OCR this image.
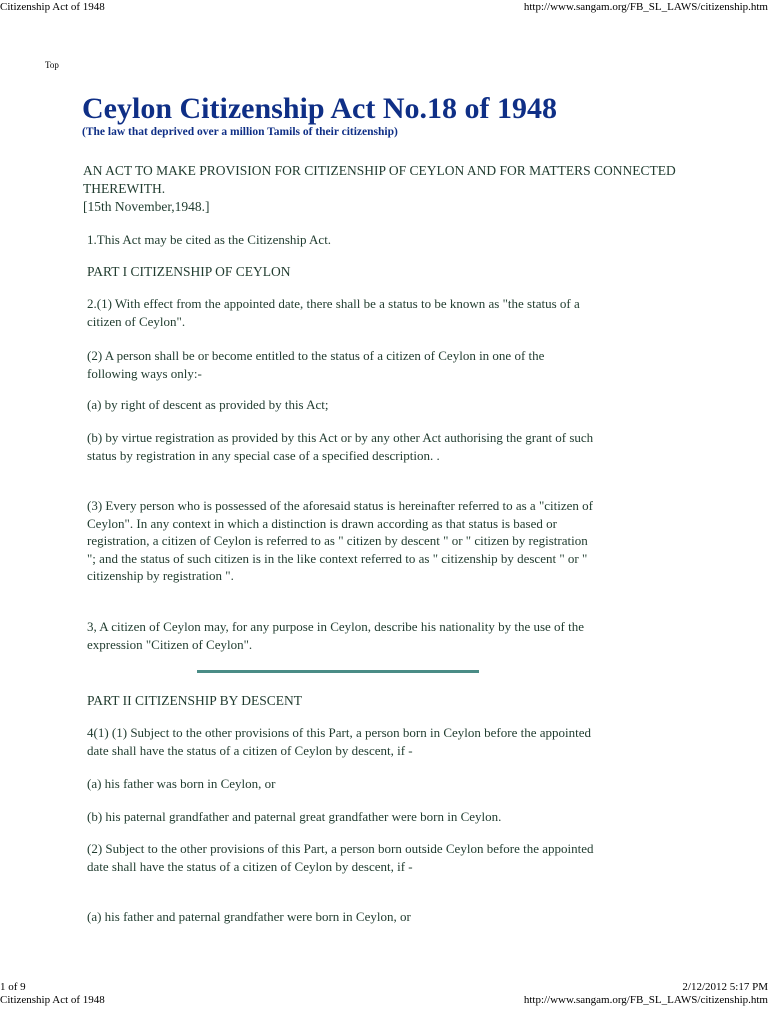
Citizenship Act of 1948	http://www.sangam.org/FB_SL_LAWS/citizenship.htm
Top
Ceylon Citizenship Act No.18 of 1948
(The law that deprived over a million Tamils of their citizenship)
AN ACT TO MAKE PROVISION FOR CITIZENSHIP OF CEYLON AND FOR MATTERS CONNECTED THEREWITH.
[15th November,1948.]

1.This Act may be cited as the Citizenship Act.

PART I CITIZENSHIP OF CEYLON

2.(1) With effect from the appointed date, there shall be a status to be known as "the status of a citizen of Ceylon".

(2) A person shall be or become entitled to the status of a citizen of Ceylon in one of the following ways only:-

(a) by right of descent as provided by this Act;

(b) by virtue registration as provided by this Act or by any other Act authorising the grant of such status by registration in any special case of a specified description. .

(3) Every person who is possessed of the aforesaid status is hereinafter referred to as a "citizen of Ceylon". In any context in which a distinction is drawn according as that status is based or registration, a citizen of Ceylon is referred to as " citizen by descent " or " citizen by registration "; and the status of such citizen is in the like context referred to as " citizenship by descent " or " citizenship by registration ".

3, A citizen of Ceylon may, for any purpose in Ceylon, describe his nationality by the use of the expression "Citizen of Ceylon".

PART II CITIZENSHIP BY DESCENT

4(1) (1) Subject to the other provisions of this Part, a person born in Ceylon before the appointed date shall have the status of a citizen of Ceylon by descent, if -

(a) his father was born in Ceylon, or

(b) his paternal grandfather and paternal great grandfather were born in Ceylon.

(2) Subject to the other provisions of this Part, a person born outside Ceylon before the appointed date shall have the status of a citizen of Ceylon by descent, if -

(a) his father and paternal grandfather were born in Ceylon, or

1 of 9	2/12/2012 5:17 PM
Citizenship Act of 1948	http://www.sangam.org/FB_SL_LAWS/citizenship.htm
